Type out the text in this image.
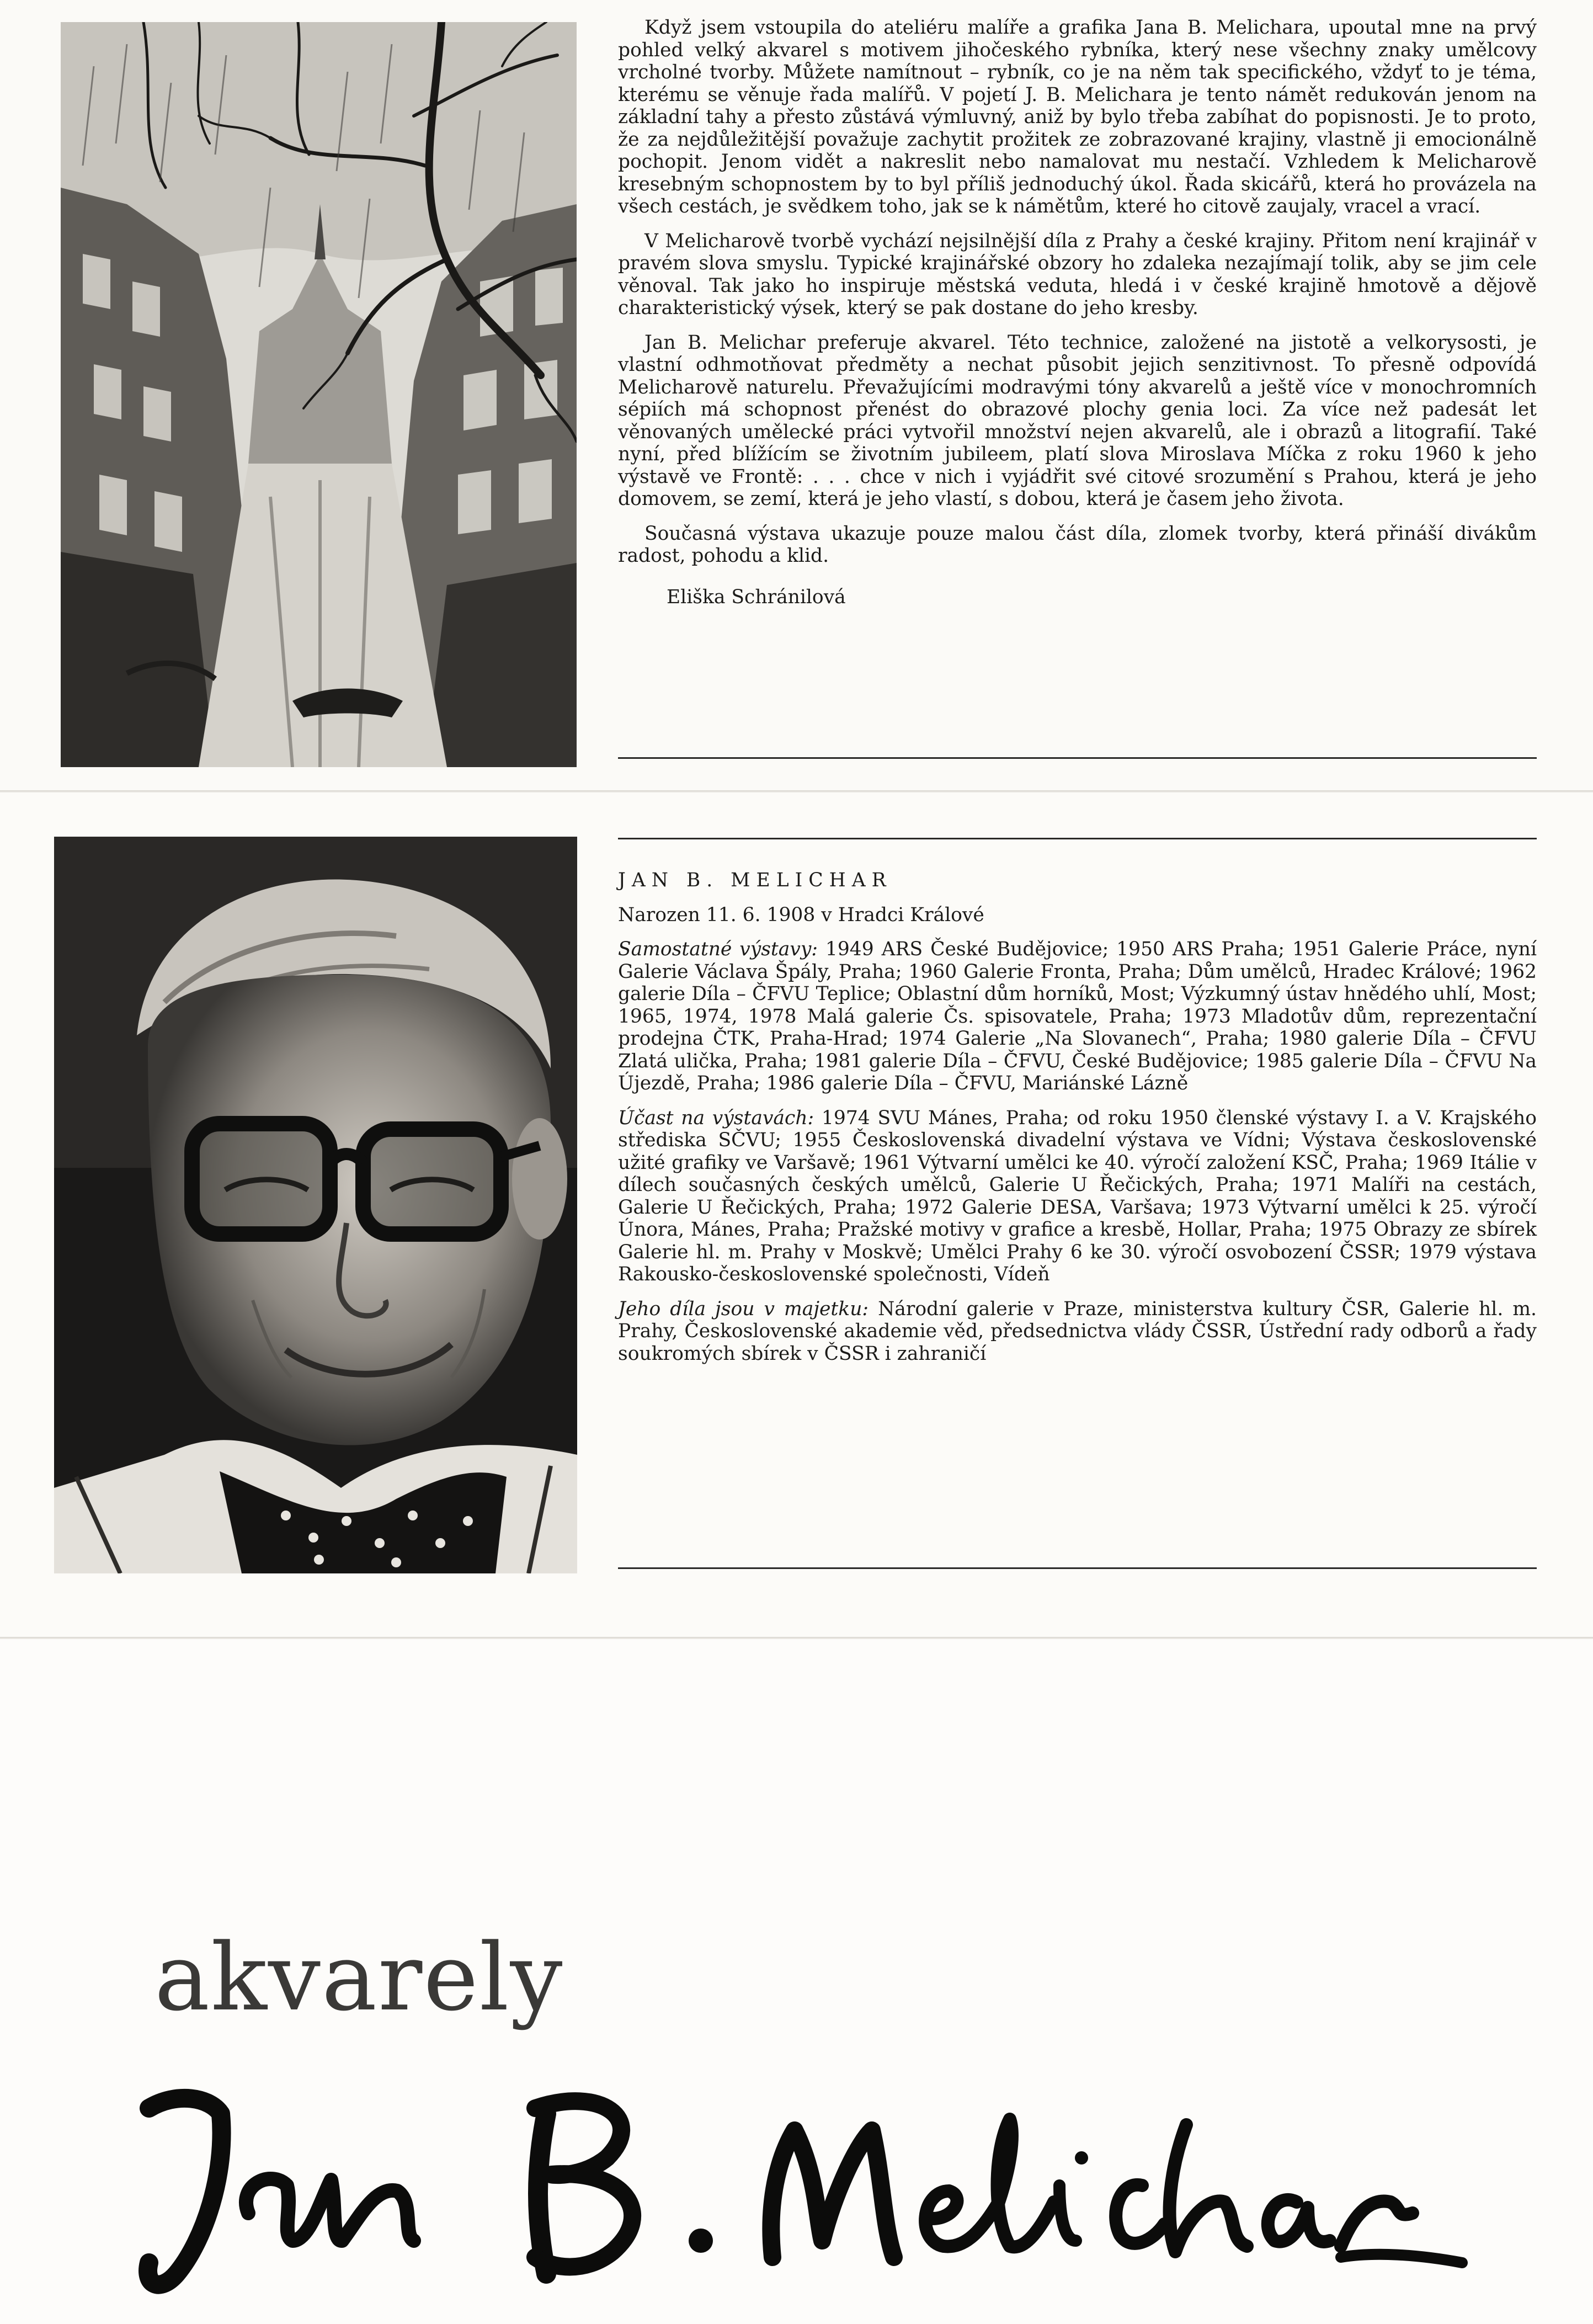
Když jsem vstoupila do ateliéru malíře a grafika Jana B. Melichara, upoutal mne na prvý pohled velký akvarel s motivem jihočeského rybníka, který nese všechny znaky umělcovy vrcholné tvorby. Můžete namítnout – rybník, co je na něm tak specifického, vždyť to je téma, kterému se věnuje řada malířů. V pojetí J. B. Melichara je tento námět redukován jenom na základní tahy a přesto zůstává výmluvný, aniž by bylo třeba zabíhat do popisnosti. Je to proto, že za nejdůležitější považuje zachytit prožitek ze zobrazované krajiny, vlastně ji emocionálně pochopit. Jenom vidět a nakreslit nebo namalovat mu nestačí. Vzhledem k Melicharově kresebným schopnostem by to byl příliš jednoduchý úkol. Řada skicářů, která ho provázela na všech cestách, je svědkem toho, jak se k námětům, které ho citově zaujaly, vracel a vrací.

V Melicharově tvorbě vychází nejsilnější díla z Prahy a české krajiny. Přitom není krajinář v pravém slova smyslu. Typické krajinářské obzory ho zdaleka nezajímají tolik, aby se jim cele věnoval. Tak jako ho inspiruje městská veduta, hledá i v české krajině hmotově a dějově charakteristický výsek, který se pak dostane do jeho kresby.

Jan B. Melichar preferuje akvarel. Této technice, založené na jistotě a velkorysosti, je vlastní odhmotňovat předměty a nechat působit jejich senzitivnost. To přesně odpovídá Melicharově naturelu. Převažujícími modravými tóny akvarelů a ještě více v monochromních sépiích má schopnost přenést do obrazové plochy genia loci. Za více než padesát let věnovaných umělecké práci vytvořil množství nejen akvarelů, ale i obrazů a litografií. Také nyní, před blížícím se životním jubileem, platí slova Miroslava Míčka z roku 1960 k jeho výstavě ve Frontě: . . . chce v nich i vyjádřit své citové srozumění s Prahou, která je jeho domovem, se zemí, která je jeho vlastí, s dobou, která je časem jeho života.

Současná výstava ukazuje pouze malou část díla, zlomek tvorby, která přináší divákům radost, pohodu a klid.

Eliška Schránilová

JAN B. MELICHAR

Narozen 11. 6. 1908 v Hradci Králové

Samostatné výstavy: 1949 ARS České Budějovice; 1950 ARS Praha; 1951 Galerie Práce, nyní Galerie Václava Špály, Praha; 1960 Galerie Fronta, Praha; Dům umělců, Hradec Králové; 1962 galerie Díla – ČFVU Teplice; Oblastní dům horníků, Most; Výzkumný ústav hnědého uhlí, Most; 1965, 1974, 1978 Malá galerie Čs. spisovatele, Praha; 1973 Mladotův dům, reprezentační prodejna ČTK, Praha-Hrad; 1974 Galerie „Na Slovanech“, Praha; 1980 galerie Díla – ČFVU Zlatá ulička, Praha; 1981 galerie Díla – ČFVU, České Budějovice; 1985 galerie Díla – ČFVU Na Újezdě, Praha; 1986 galerie Díla – ČFVU, Mariánské Lázně

Účast na výstavách: 1974 SVU Mánes, Praha; od roku 1950 členské výstavy I. a V. Krajského střediska SČVU; 1955 Československá divadelní výstava ve Vídni; Výstava československé užité grafiky ve Varšavě; 1961 Výtvarní umělci ke 40. výročí založení KSČ, Praha; 1969 Itálie v dílech současných českých umělců, Galerie U Řečických, Praha; 1971 Malíři na cestách, Galerie U Řečických, Praha; 1972 Galerie DESA, Varšava; 1973 Výtvarní umělci k 25. výročí Února, Mánes, Praha; Pražské motivy v grafice a kresbě, Hollar, Praha; 1975 Obrazy ze sbírek Galerie hl. m. Prahy v Moskvě; Umělci Prahy 6 ke 30. výročí osvobození ČSSR; 1979 výstava Rakousko-československé společnosti, Vídeň

Jeho díla jsou v majetku: Národní galerie v Praze, ministerstva kultury ČSR, Galerie hl. m. Prahy, Československé akademie věd, předsednictva vlády ČSSR, Ústřední rady odborů a řady soukromých sbírek v ČSSR i zahraničí

akvarely
